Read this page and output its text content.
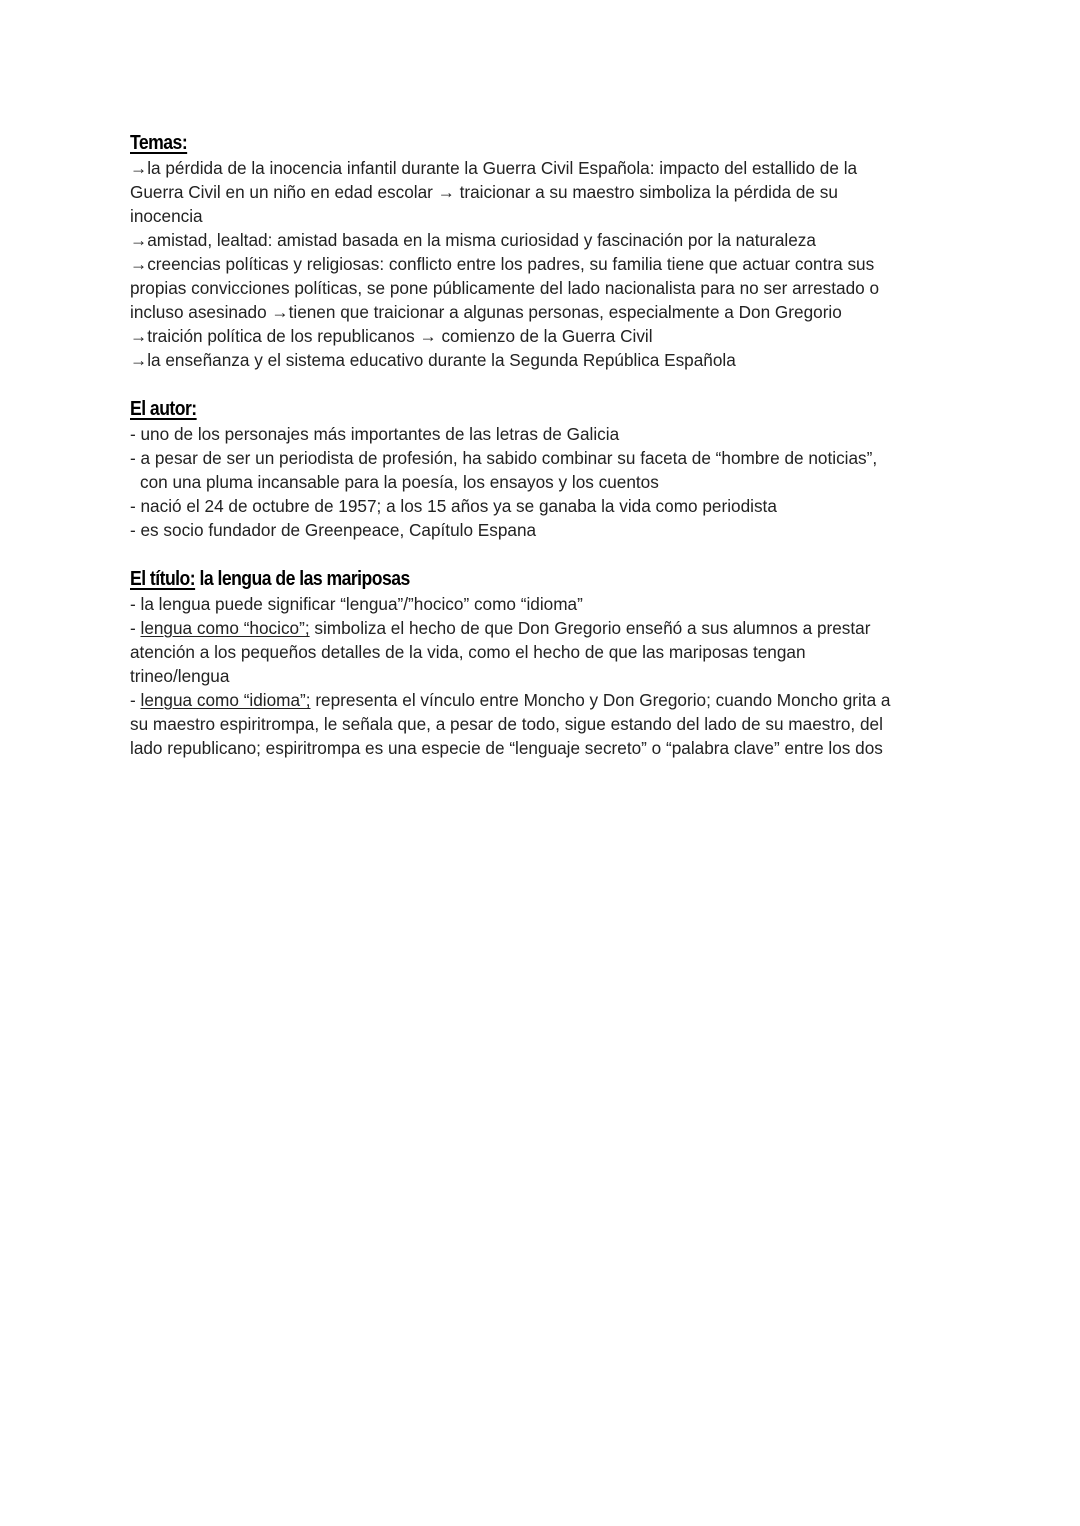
Temas:
→la pérdida de la inocencia infantil durante la Guerra Civil Española: impacto del estallido de la
Guerra Civil en un niño en edad escolar → traicionar a su maestro simboliza la pérdida de su
inocencia
→amistad, lealtad: amistad basada en la misma curiosidad y fascinación por la naturaleza
→creencias políticas y religiosas: conflicto entre los padres, su familia tiene que actuar contra sus
propias convicciones políticas, se pone públicamente del lado nacionalista para no ser arrestado o
incluso asesinado →tienen que traicionar a algunas personas, especialmente a Don Gregorio
→traición política de los republicanos → comienzo de la Guerra Civil
→la enseñanza y el sistema educativo durante la Segunda República Española
El autor:
- uno de los personajes más importantes de las letras de Galicia
- a pesar de ser un periodista de profesión, ha sabido combinar su faceta de “hombre de noticias”,
con una pluma incansable para la poesía, los ensayos y los cuentos
- nació el 24 de octubre de 1957; a los 15 años ya se ganaba la vida como periodista
- es socio fundador de Greenpeace, Capítulo Espana
El título: la lengua de las mariposas
- la lengua puede significar “lengua”/”hocico” como “idioma”
- lengua como “hocico”; simboliza el hecho de que Don Gregorio enseñó a sus alumnos a prestar
atención a los pequeños detalles de la vida, como el hecho de que las mariposas tengan
trineo/lengua
- lengua como “idioma”; representa el vínculo entre Moncho y Don Gregorio; cuando Moncho grita a
su maestro espiritrompa, le señala que, a pesar de todo, sigue estando del lado de su maestro, del
lado republicano; espiritrompa es una especie de “lenguaje secreto” o “palabra clave” entre los dos
